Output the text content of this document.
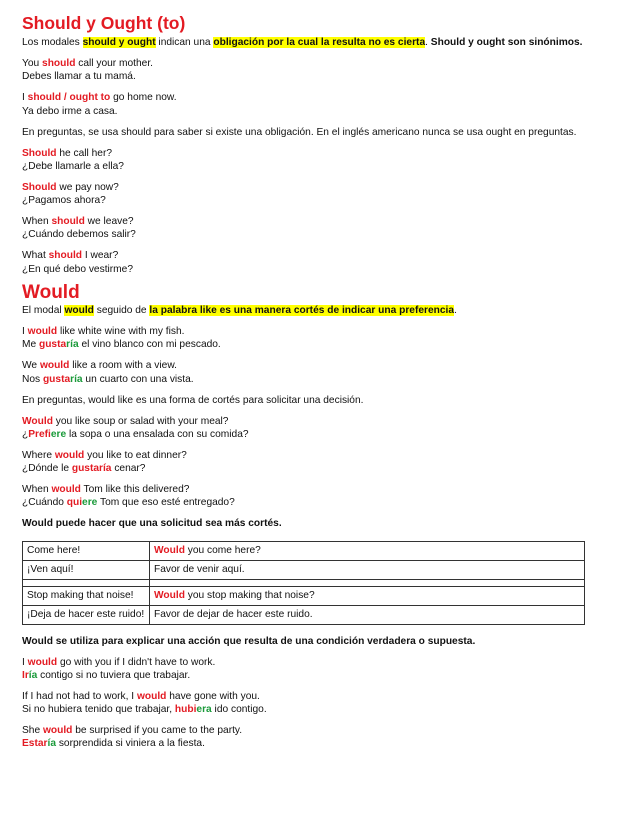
Should y Ought (to)

Los modales should y ought indican una obligación por la cual la resulta no es cierta. Should y ought son sinónimos.

You should call your mother.

Debes llamar a tu mamá.

I should / ought to go home now.

Ya debo irme a casa.

En preguntas, se usa should para saber si existe una obligación. En el inglés americano nunca se usa ought en preguntas.

Should he call her?

¿Debe llamarle a ella?

Should we pay now?

¿Pagamos ahora?

When should we leave?

¿Cuándo debemos salir?

What should I wear?

¿En qué debo vestirme?

Would

El modal would seguido de la palabra like es una manera cortés de indicar una preferencia.

I would like white wine with my fish.

Me gustaría el vino blanco con mi pescado.

We would like a room with a view.

Nos gustaría un cuarto con una vista.

En preguntas, would like es una forma de cortés para solicitar una decisión.

Would you like soup or salad with your meal?

¿Prefiere la sopa o una ensalada con su comida?

Where would you like to eat dinner?

¿Dónde le gustaría cenar?

When would Tom like this delivered?

¿Cuándo quiere Tom que eso esté entregado?

Would puede hacer que una solicitud sea más cortés.

Come here!	Would you come here?
¡Ven aquí!	Favor de venir aquí.

Stop making that noise!	Would you stop making that noise?
¡Deja de hacer este ruido!	Favor de dejar de hacer este ruido.

Would se utiliza para explicar una acción que resulta de una condición verdadera o supuesta.

I would go with you if I didn't have to work.

Iría contigo si no tuviera que trabajar.

If I had not had to work, I would have gone with you.

Si no hubiera tenido que trabajar, hubiera ido contigo.

She would be surprised if you came to the party.

Estaría sorprendida si viniera a la fiesta.
